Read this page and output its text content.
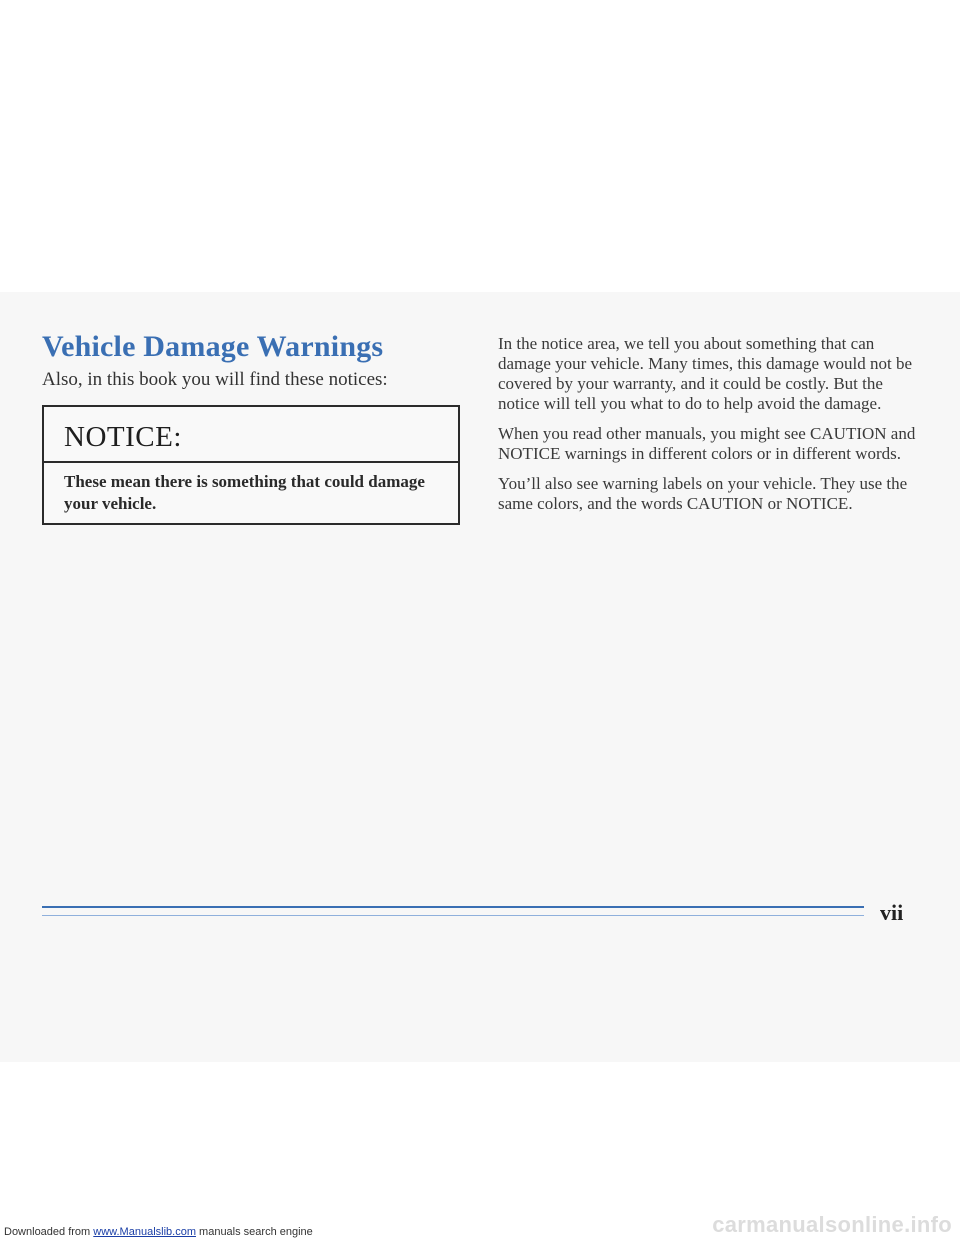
Vehicle Damage Warnings

Also, in this book you will find these notices:

NOTICE:

These mean there is something that could damage your vehicle.

In the notice area, we tell you about something that can damage your vehicle. Many times, this damage would not be covered by your warranty, and it could be costly. But the notice will tell you what to do to help avoid the damage.

When you read other manuals, you might see CAUTION and NOTICE warnings in different colors or in different words.

You’ll also see warning labels on your vehicle. They use the same colors, and the words CAUTION or NOTICE.

vii
Downloaded from www.Manualslib.com manuals search engine	carmanualsonline.info
